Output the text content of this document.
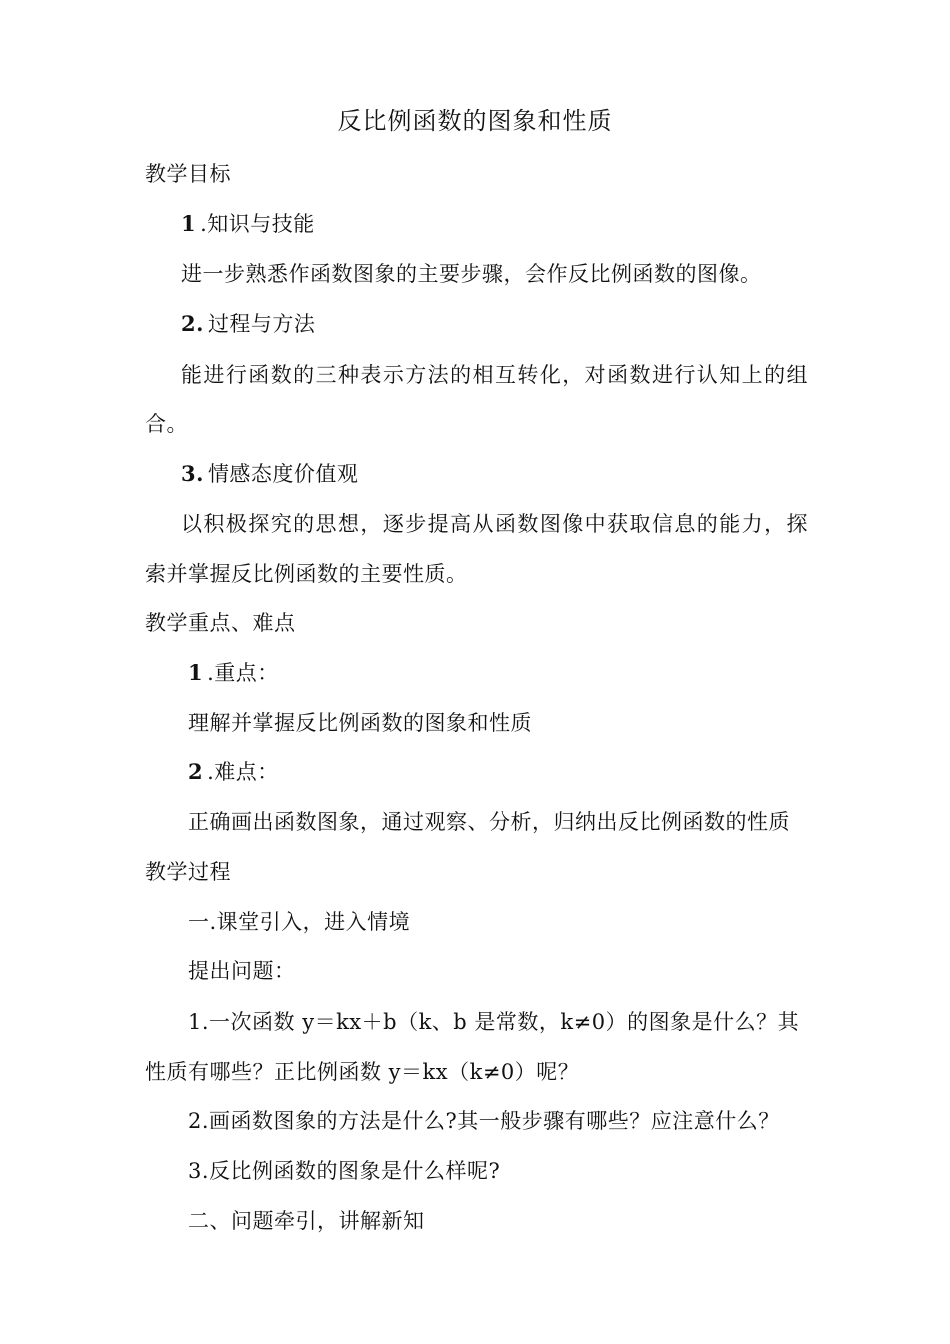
反比例函数的图象和性质
教学目标
1 .知识与技能
进一步熟悉作函数图象的主要步骤，会作反比例函数的图像。
2. 过程与方法
能进行函数的三种表示方法的相互转化，对函数进行认知上的组
合。
3. 情感态度价值观
以积极探究的思想，逐步提高从函数图像中获取信息的能力，探
索并掌握反比例函数的主要性质。
教学重点、难点
1 .重点：
理解并掌握反比例函数的图象和性质
2 .难点：
正确画出函数图象，通过观察、分析，归纳出反比例函数的性质
教学过程
一.课堂引入，进入情境
提出问题：
1.一次函数 y＝kx＋b（k、b 是常数，k≠0）的图象是什么？其
性质有哪些？正比例函数 y＝kx（k≠0）呢？
2.画函数图象的方法是什么?其一般步骤有哪些？应注意什么？
3.反比例函数的图象是什么样呢?
二、问题牵引，讲解新知
